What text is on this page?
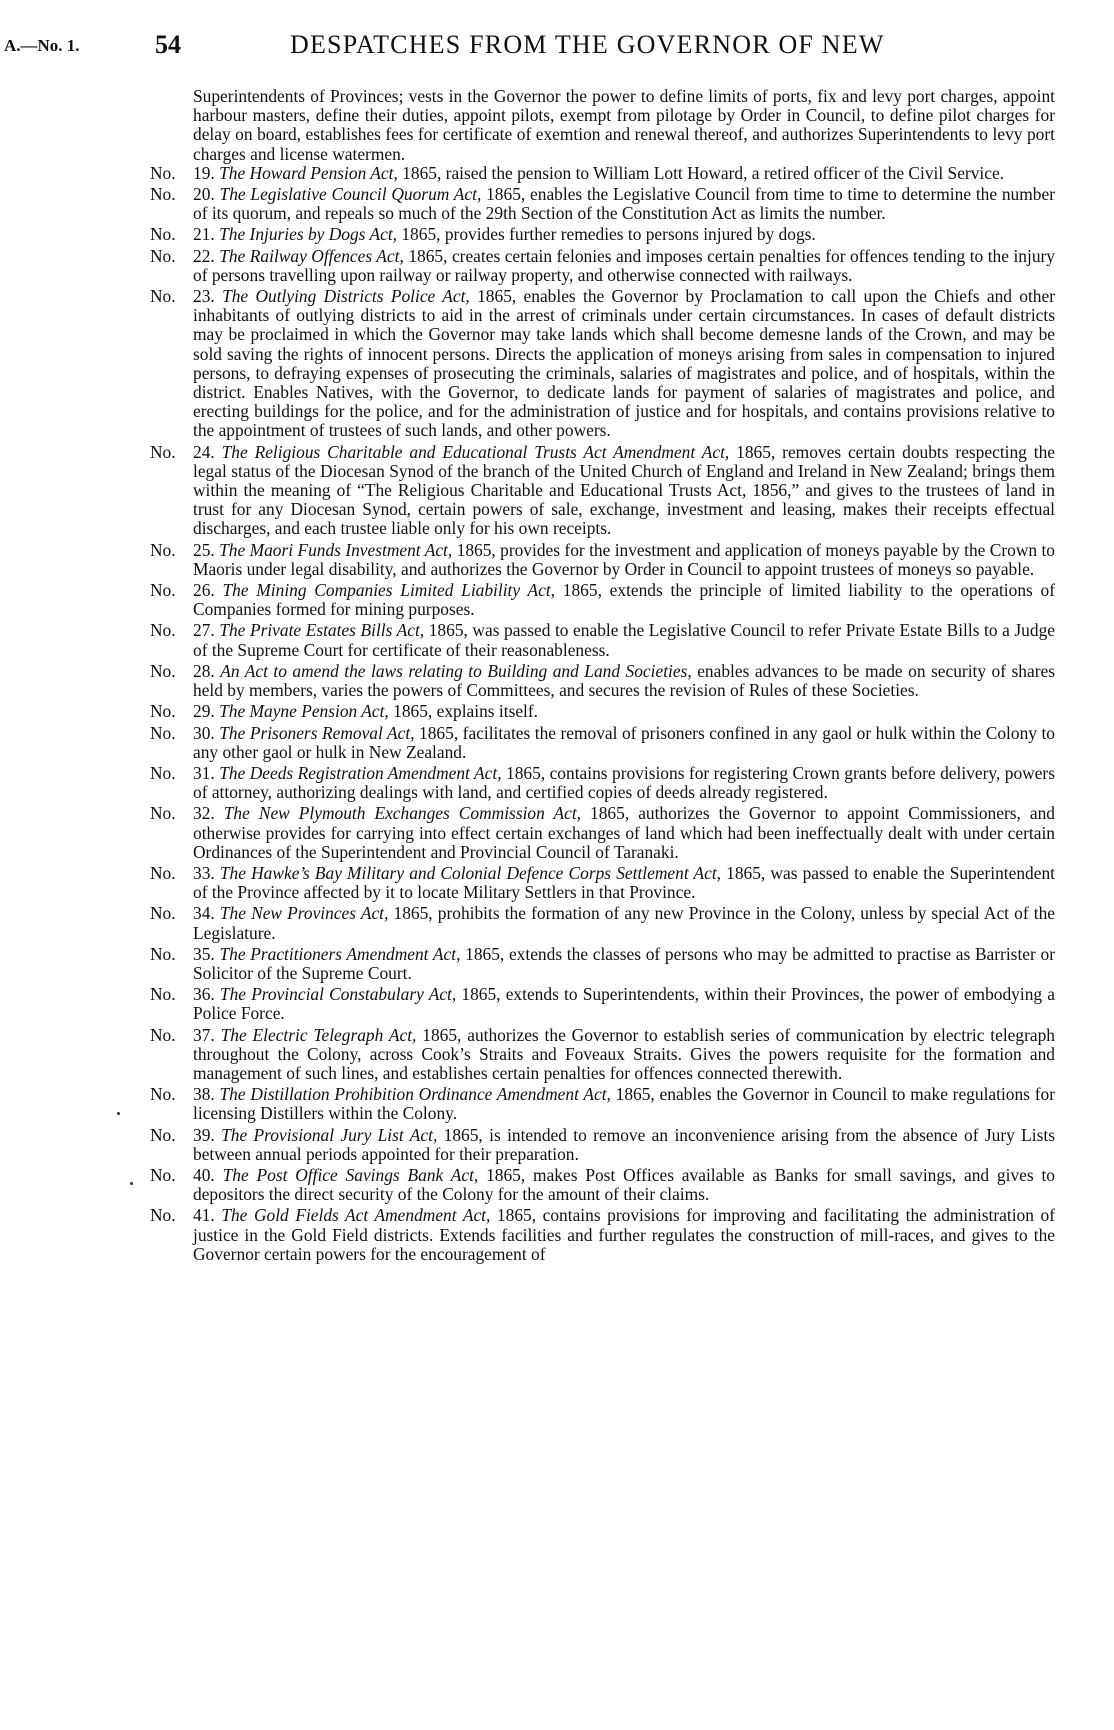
A.—No. 1.	54	DESPATCHES FROM THE GOVERNOR OF NEW

Superintendents of Provinces; vests in the Governor the power to define limits of ports, fix and levy port charges, appoint harbour masters, define their duties, appoint pilots, exempt from pilotage by Order in Council, to define pilot charges for delay on board, establishes fees for certificate of exemtion and renewal thereof, and authorizes Superintendents to levy port charges and license watermen.

No. 19. The Howard Pension Act, 1865, raised the pension to William Lott Howard, a retired officer of the Civil Service.

No. 20. The Legislative Council Quorum Act, 1865, enables the Legislative Council from time to time to determine the number of its quorum, and repeals so much of the 29th Section of the Constitution Act as limits the number.

No. 21. The Injuries by Dogs Act, 1865, provides further remedies to persons injured by dogs.

No. 22. The Railway Offences Act, 1865, creates certain felonies and imposes certain penalties for offences tending to the injury of persons travelling upon railway or railway property, and otherwise connected with railways.

No. 23. The Outlying Districts Police Act, 1865, enables the Governor by Proclamation to call upon the Chiefs and other inhabitants of outlying districts to aid in the arrest of criminals under certain circumstances. In cases of default districts may be proclaimed in which the Governor may take lands which shall become demesne lands of the Crown, and may be sold saving the rights of innocent persons. Directs the application of moneys arising from sales in compensation to injured persons, to defraying expenses of prosecuting the criminals, salaries of magistrates and police, and of hospitals, within the district. Enables Natives, with the Governor, to dedicate lands for payment of salaries of magistrates and police, and erecting buildings for the police, and for the administration of justice and for hospitals, and contains provisions relative to the appointment of trustees of such lands, and other powers.

No. 24. The Religious Charitable and Educational Trusts Act Amendment Act, 1865, removes certain doubts respecting the legal status of the Diocesan Synod of the branch of the United Church of England and Ireland in New Zealand; brings them within the meaning of “The Religious Charitable and Educational Trusts Act, 1856,” and gives to the trustees of land in trust for any Diocesan Synod, certain powers of sale, exchange, investment and leasing, makes their receipts effectual discharges, and each trustee liable only for his own receipts.

No. 25. The Maori Funds Investment Act, 1865, provides for the investment and application of moneys payable by the Crown to Maoris under legal disability, and authorizes the Governor by Order in Council to appoint trustees of moneys so payable.

No. 26. The Mining Companies Limited Liability Act, 1865, extends the principle of limited liability to the operations of Companies formed for mining purposes.

No. 27. The Private Estates Bills Act, 1865, was passed to enable the Legislative Council to refer Private Estate Bills to a Judge of the Supreme Court for certificate of their reasonableness.

No. 28. An Act to amend the laws relating to Building and Land Societies, enables advances to be made on security of shares held by members, varies the powers of Committees, and secures the revision of Rules of these Societies.

No. 29. The Mayne Pension Act, 1865, explains itself.

No. 30. The Prisoners Removal Act, 1865, facilitates the removal of prisoners confined in any gaol or hulk within the Colony to any other gaol or hulk in New Zealand.

No. 31. The Deeds Registration Amendment Act, 1865, contains provisions for registering Crown grants before delivery, powers of attorney, authorizing dealings with land, and certified copies of deeds already registered.

No. 32. The New Plymouth Exchanges Commission Act, 1865, authorizes the Governor to appoint Commissioners, and otherwise provides for carrying into effect certain exchanges of land which had been ineffectually dealt with under certain Ordinances of the Superintendent and Provincial Council of Taranaki.

No. 33. The Hawke’s Bay Military and Colonial Defence Corps Settlement Act, 1865, was passed to enable the Superintendent of the Province affected by it to locate Military Settlers in that Province.

No. 34. The New Provinces Act, 1865, prohibits the formation of any new Province in the Colony, unless by special Act of the Legislature.

No. 35. The Practitioners Amendment Act, 1865, extends the classes of persons who may be admitted to practise as Barrister or Solicitor of the Supreme Court.

No. 36. The Provincial Constabulary Act, 1865, extends to Superintendents, within their Provinces, the power of embodying a Police Force.

No. 37. The Electric Telegraph Act, 1865, authorizes the Governor to establish series of communication by electric telegraph throughout the Colony, across Cook’s Straits and Foveaux Straits. Gives the powers requisite for the formation and management of such lines, and establishes certain penalties for offences connected therewith.

No. 38. The Distillation Prohibition Ordinance Amendment Act, 1865, enables the Governor in Council to make regulations for licensing Distillers within the Colony.

No. 39. The Provisional Jury List Act, 1865, is intended to remove an inconvenience arising from the absence of Jury Lists between annual periods appointed for their preparation.

No. 40. The Post Office Savings Bank Act, 1865, makes Post Offices available as Banks for small savings, and gives to depositors the direct security of the Colony for the amount of their claims.

No. 41. The Gold Fields Act Amendment Act, 1865, contains provisions for improving and facilitating the administration of justice in the Gold Field districts. Extends facilities and further regulates the construction of mill-races, and gives to the Governor certain powers for the encouragement of
